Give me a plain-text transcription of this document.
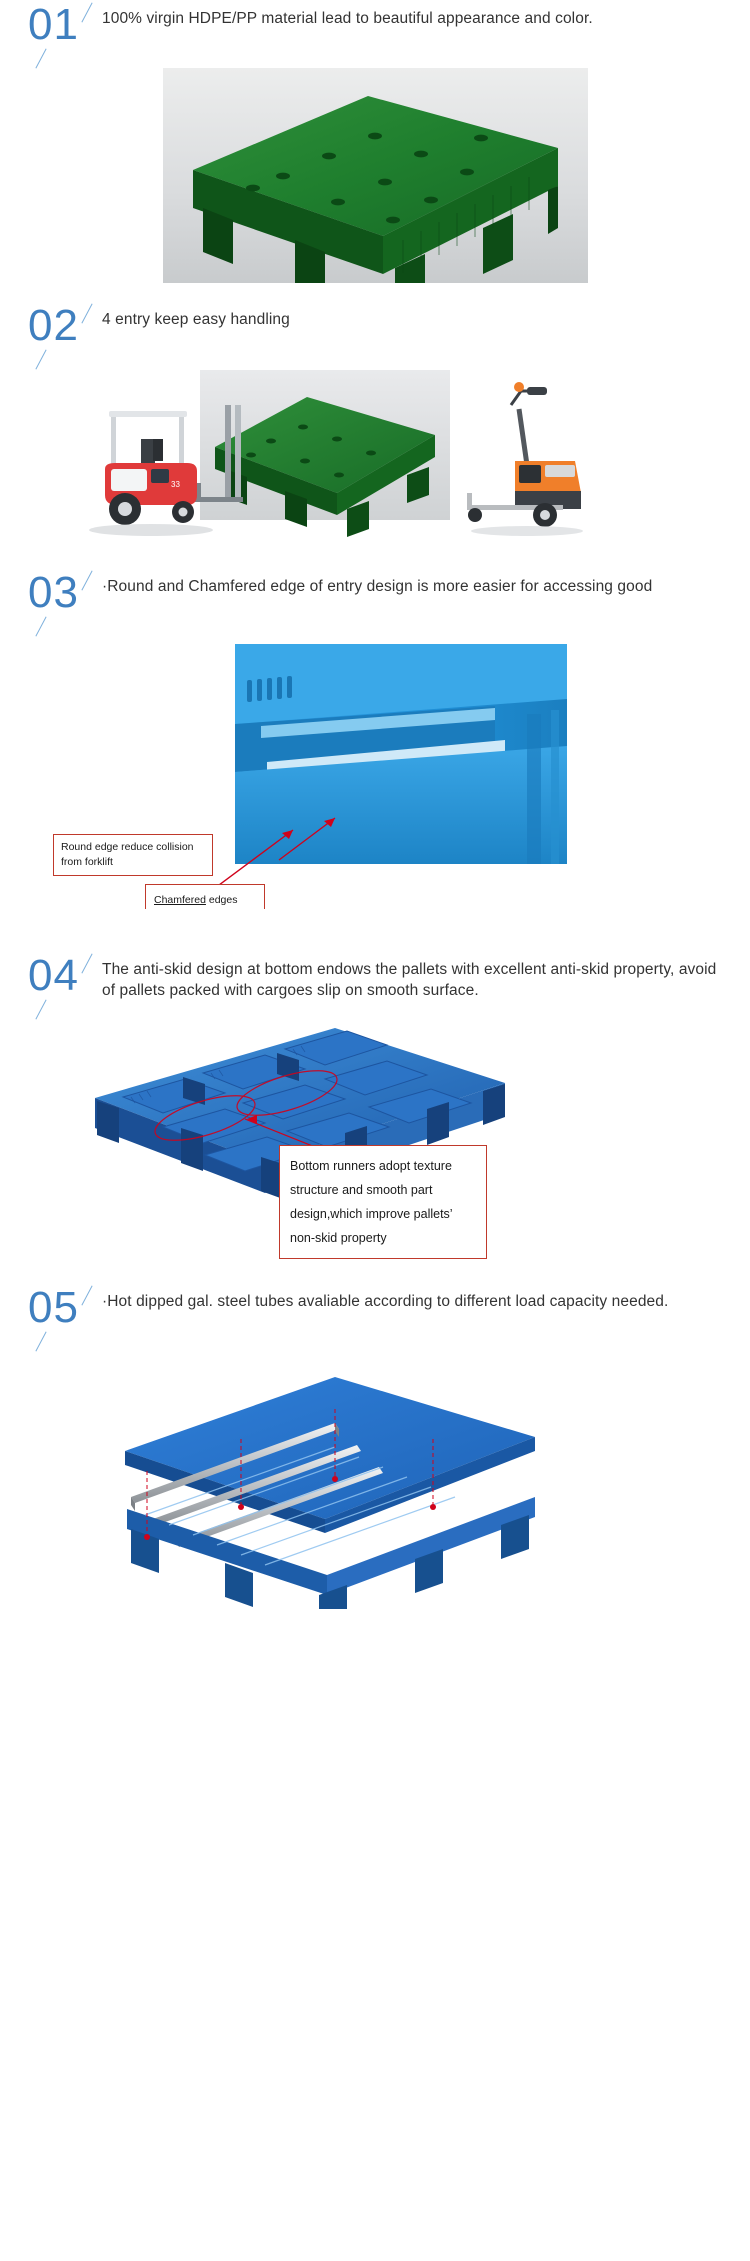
01 100% virgin HDPE/PP material lead to beautiful appearance and color.
02 4 entry keep easy handling
33
03 ·Round and Chamfered edge of entry design is more easier for accessing good
Round edge reduce collision
from forklift
Chamfered edges
04 The anti-skid design at bottom endows the pallets with excellent anti-skid property, avoid of pallets packed with cargoes slip on smooth surface.
Bottom runners adopt texture
structure and smooth part
design,which improve pallets’
non-skid property
05 ·Hot dipped gal. steel tubes avaliable according to different load capacity needed.
